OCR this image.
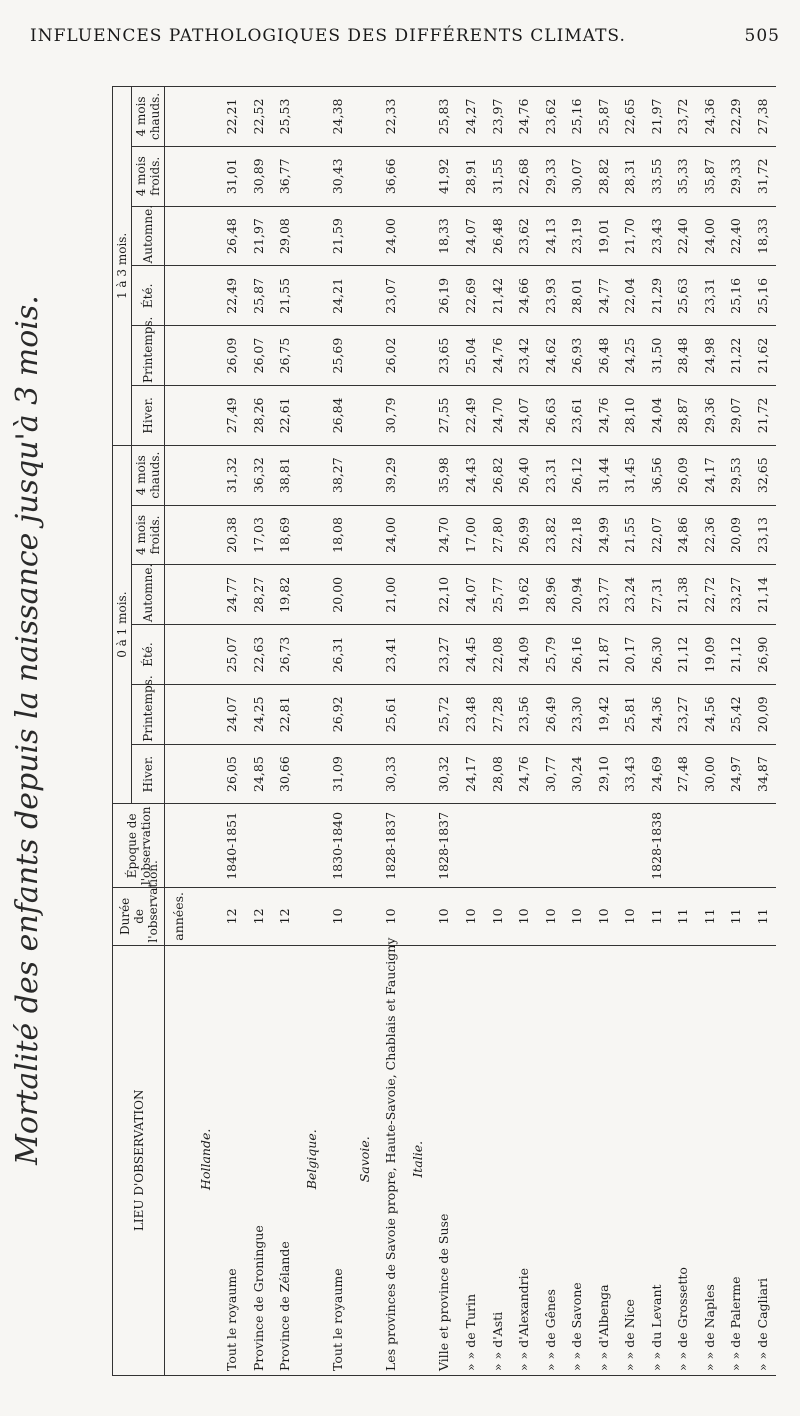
INFLUENCES PATHOLOGIQUES DES DIFFÉRENTS CLIMATS.	505
Mortalité des enfants depuis la naissance jusqu'à 3 mois.	LIEU D'OBSERVATION	Durée de l'observation.	Époque de l'observation	0 à 1 mois.						1 à 3 mois.					
			Hiver.	Printemps.	Été.	Automne.	4 mois froids.	4 mois chauds.	Hiver.	Printemps.	Été.	Automne.	4 mois froids.	4 mois chauds.
	années.													
Hollande.														
Tout le royaume	12	1840-1851	26,05	24,07	25,07	24,77	20,38	31,32	27,49	26,09	22,49	26,48	31,01	22,21
Province de Groningue	12		24,85	24,25	22,63	28,27	17,03	36,32	28,26	26,07	25,87	21,97	30,89	22,52
Province de Zélande	12		30,66	22,81	26,73	19,82	18,69	38,81	22,61	26,75	21,55	29,08	36,77	25,53
Belgique.														
Tout le royaume	10	1830-1840	31,09	26,92	26,31	20,00	18,08	38,27	26,84	25,69	24,21	21,59	30,43	24,38
Savoie.														
Les provinces de Savoie propre, Haute-Savoie, Chablais et Faucigny	10	1828-1837	30,33	25,61	23,41	21,00	24,00	39,29	30,79	26,02	23,07	24,00	36,66	22,33
Italie.														
Ville et province de Suse	10	1828-1837	30,32	25,72	23,27	22,10	24,70	35,98	27,55	23,65	26,19	18,33	41,92	25,83
» » de Turin	10		24,17	23,48	24,45	24,07	17,00	24,43	22,49	25,04	22,69	24,07	28,91	24,27
» » d'Asti	10		28,08	27,28	22,08	25,77	27,80	26,82	24,70	24,76	21,42	26,48	31,55	23,97
» » d'Alexandrie	10		24,76	23,56	24,09	19,62	26,99	26,40	24,07	23,42	24,66	23,62	22,68	24,76
» » de Gênes	10		30,77	26,49	25,79	28,96	23,82	23,31	26,63	24,62	23,93	24,13	29,33	23,62
» » de Savone	10		30,24	23,30	26,16	20,94	22,18	26,12	23,61	26,93	28,01	23,19	30,07	25,16
» » d'Albenga	10		29,10	19,42	21,87	23,77	24,99	31,44	24,76	26,48	24,77	19,01	28,82	25,87
» » de Nice	10		33,43	25,81	20,17	23,24	21,55	31,45	28,10	24,25	22,04	21,70	28,31	22,65
» » du Levant	11	1828-1838	24,69	24,36	26,30	27,31	22,07	36,56	24,04	31,50	21,29	23,43	33,55	21,97
» » de Grossetto	11		27,48	23,27	21,12	21,38	24,86	26,09	28,87	28,48	25,63	22,40	35,33	23,72
» » de Naples	11		30,00	24,56	19,09	22,72	22,36	24,17	29,36	24,98	23,31	24,00	35,87	24,36
» » de Palerme	11		24,97	25,42	21,12	23,27	20,09	29,53	29,07	21,22	25,16	22,40	29,33	22,29
» » de Cagliari	11		34,87	20,09	26,90	21,14	23,13	32,65	21,72	21,62	25,16	18,33	31,72	27,38
